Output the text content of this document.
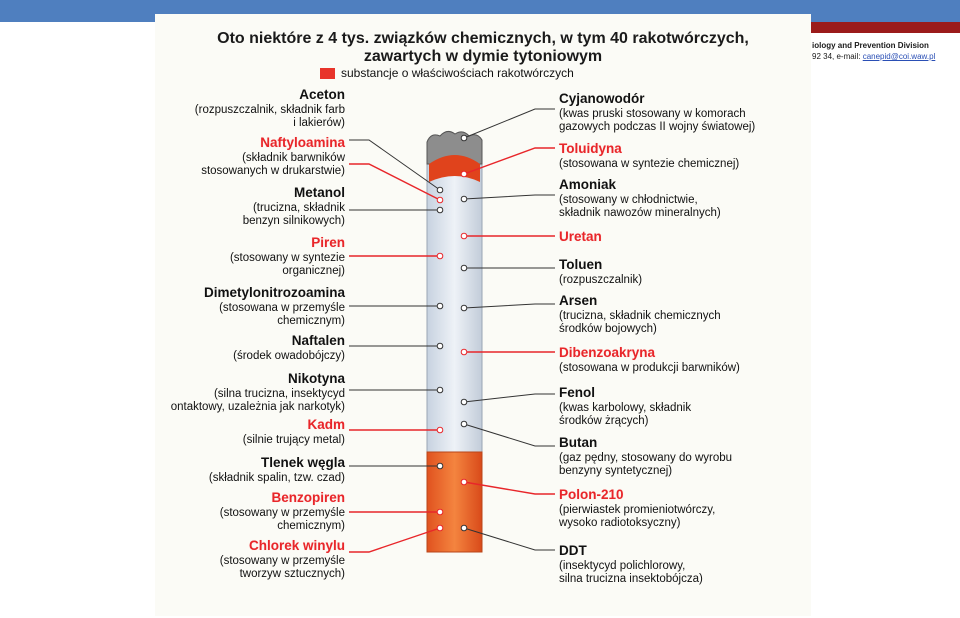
iology and Prevention Division
92 34, e-mail: canepid@coi.waw.pl
Oto niektóre z 4 tys. związków chemicznych, w tym 40 rakotwórczych,
zawartych w dymie tytoniowym
substancje o właściwościach rakotwórczych
Aceton
(rozpuszczalnik, składnik farb
i lakierów)
Naftyloamina
(składnik barwników
stosowanych w drukarstwie)
Metanol
(trucizna, składnik
benzyn silnikowych)
Piren
(stosowany w syntezie
organicznej)
Dimetylonitrozoamina
(stosowana w przemyśle
chemicznym)
Naftalen
(środek owadobójczy)
Nikotyna
(silna trucizna, insektycyd
ontaktowy, uzależnia jak narkotyk)
Kadm
(silnie trujący metal)
Tlenek węgla
(składnik spalin, tzw. czad)
Benzopiren
(stosowany w przemyśle
chemicznym)
Chlorek winylu
(stosowany w przemyśle
tworzyw sztucznych)
Cyjanowodór
(kwas pruski stosowany w komorach
gazowych podczas II wojny światowej)
Toluidyna
(stosowana w syntezie chemicznej)
Amoniak
(stosowany w chłodnictwie,
składnik nawozów mineralnych)
Uretan
Toluen
(rozpuszczalnik)
Arsen
(trucizna, składnik chemicznych
środków bojowych)
Dibenzoakryna
(stosowana w produkcji barwników)
Fenol
(kwas karbolowy, składnik
środków żrących)
Butan
(gaz pędny, stosowany do wyrobu
benzyny syntetycznej)
Polon-210
(pierwiastek promieniotwórczy,
wysoko radiotoksyczny)
DDT
(insektycyd polichlorowy,
silna trucizna insektobójcza)
